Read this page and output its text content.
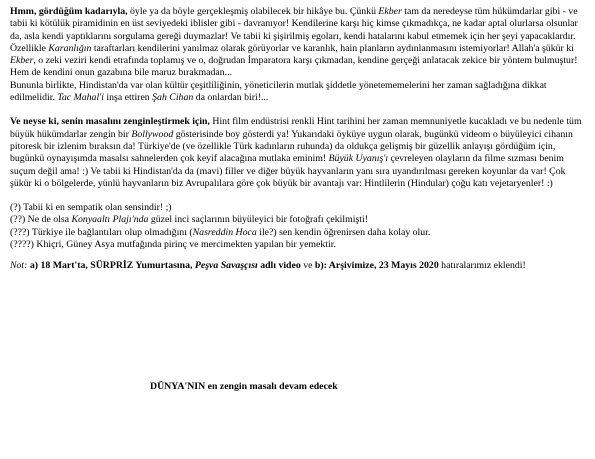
Hmm, gördüğüm kadarıyla, öyle ya da böyle gerçekleşmiş olabilecek bir hikâye bu. Çünkü Ekber tam da neredeyse tüm hükümdarlar gibi - ve tabii ki kötülük piramidinin en üst seviyedeki iblisler gibi - davranıyor! Kendilerine karşı hiç kimse çıkmadıkça, ne kadar aptal olurlarsa olsunlar da, asla kendi yaptıklarını sorgulama gereği duymazlar! Ve tabii ki şişirilmiş egoları, kendi hatalarını kabul etmemek için her şeyi yapacaklardır. Özellikle Karanlığın taraftarları kendilerini yanılmaz olarak görüyorlar ve karanlık, hain planların aydınlanmasını istemiyorlar! Allah'a şükür ki Ekber, o zeki veziri kendi etrafında toplamış ve o, doğrudan İmparatora karşı çıkmadan, kendine gerçeği anlatacak zekice bir yöntem bulmuştur! Hem de kendini onun gazabına bile maruz bırakmadan...

Bununla birlikte, Hindistan'da var olan kültür çeşitliliğinin, yöneticilerin mutlak şiddetle yönetememelerini her zaman sağladığına dikkat edilmelidir. Tac Mahal'i inşa ettiren Şah Cihan da onlardan biri!...

Ve neyse ki, senin masalını zenginleştirmek için, Hint film endüstrisi renkli Hint tarihini her zaman memnuniyetle kucakladı ve bu nedenle tüm büyük hükümdarlar zengin bir Bollywood gösterisinde boy gösterdi ya! Yukarıdaki öyküye uygun olarak, bugünkü videom o büyüleyici cihanın pitoresk bir izlenim bıraksın da! Türkiye'de (ve özellikle Türk kadınların ruhunda) da oldukça gelişmiş bir güzellik anlayışı gördüğüm için, bugünkü oynayışımda masalsı sahnelerden çok keyif alacağına mutlaka eminim! Büyük Uyanış'ı çevreleyen olayların da filme sızması benim suçum değil ama! :) Ve tabii ki Hindistan'da da (mavi) filler ve diğer büyük hayvanların yanı sıra uyandırılması gereken koyunlar da var! Çok şükür ki o bölgelerde, yünlü hayvanların biz Avrupalılara göre çok büyük bir avantajı var: Hintlilerin (Hindular) çoğu katı vejetaryenler! :)

(?) Tabii ki en sempatik olan sensindir! ;)

(??) Ne de olsa Konyaaltı Plajı'nda güzel inci saçlarının büyüleyici bir fotoğrafı çekilmişti!

(???) Türkiye ile bağlantıları olup olmadığını (Nasreddin Hoca ile?) sen kendin öğrenirsen daha kolay olur.

(????) Khiçri, Güney Asya mutfağında pirinç ve mercimekten yapılan bir yemektir.

Not: a) 18 Mart'ta, SÜRPRİZ Yumurtasına, Peşva Savaşçısı adlı video ve b): Arşivimize, 23 Mayıs 2020 hatıralarımız eklendi!

DÜNYA'NIN en zengin masalı devam edecek
